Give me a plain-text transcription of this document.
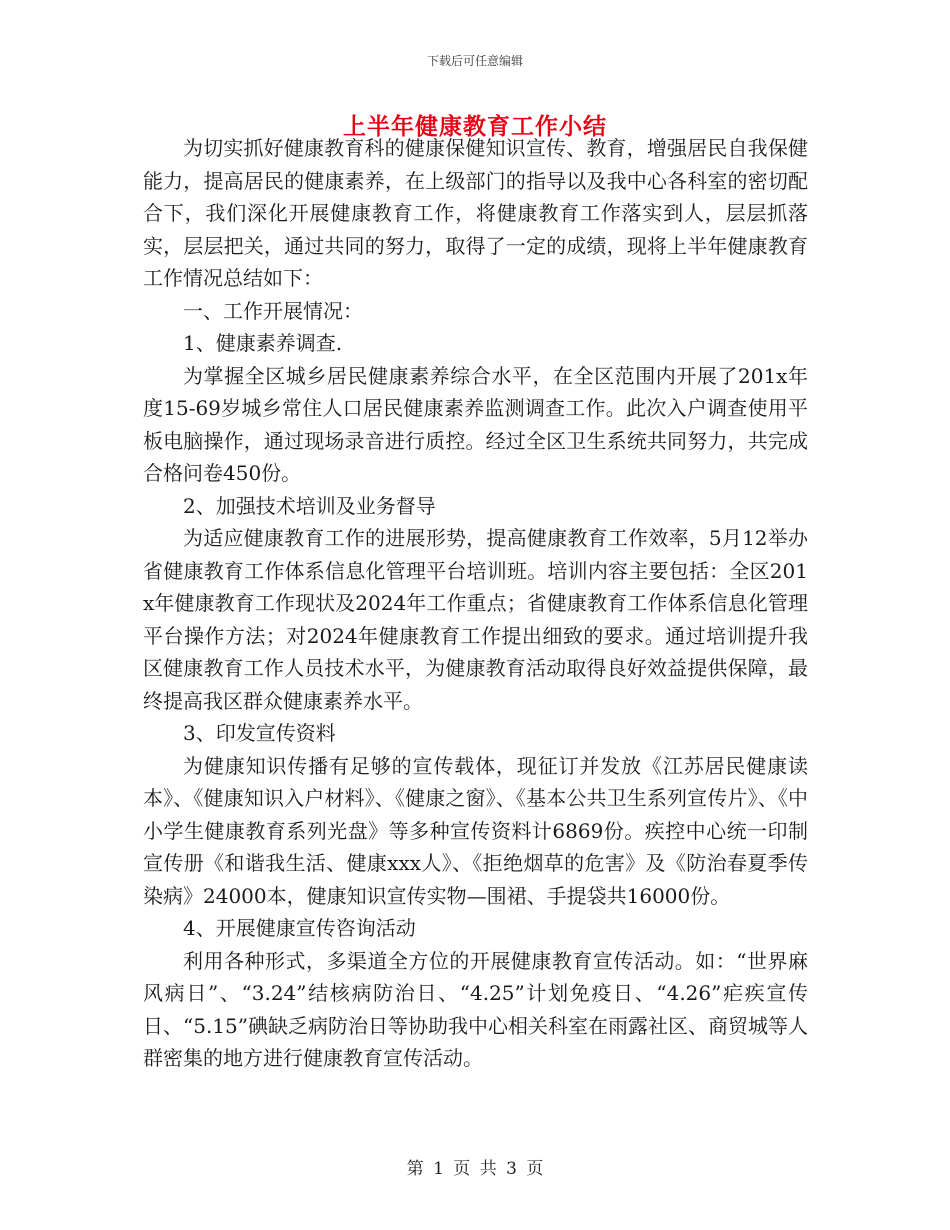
下载后可任意编辑
上半年健康教育工作小结

为切实抓好健康教育科的健康保健知识宣传、教育，增强居民自我保健能力，提高居民的健康素养，在上级部门的指导以及我中心各科室的密切配合下，我们深化开展健康教育工作，将健康教育工作落实到人，层层抓落实，层层把关，通过共同的努力，取得了一定的成绩，现将上半年健康教育工作情况总结如下：

一、工作开展情况：

1、健康素养调查.

为掌握全区城乡居民健康素养综合水平，在全区范围内开展了201x年度15-69岁城乡常住人口居民健康素养监测调查工作。此次入户调查使用平板电脑操作，通过现场录音进行质控。经过全区卫生系统共同努力，共完成合格问卷450份。

2、加强技术培训及业务督导

为适应健康教育工作的进展形势，提高健康教育工作效率，5月12举办省健康教育工作体系信息化管理平台培训班。培训内容主要包括：全区201x年健康教育工作现状及2024年工作重点；省健康教育工作体系信息化管理平台操作方法；对2024年健康教育工作提出细致的要求。通过培训提升我区健康教育工作人员技术水平，为健康教育活动取得良好效益提供保障，最终提高我区群众健康素养水平。

3、印发宣传资料

为健康知识传播有足够的宣传载体，现征订并发放《江苏居民健康读本》、《健康知识入户材料》、《健康之窗》、《基本公共卫生系列宣传片》、《中小学生健康教育系列光盘》等多种宣传资料计6869份。疾控中心统一印制宣传册《和谐我生活、健康xxx人》、《拒绝烟草的危害》及《防治春夏季传染病》24000本，健康知识宣传实物—围裙、手提袋共16000份。

4、开展健康宣传咨询活动

利用各种形式，多渠道全方位的开展健康教育宣传活动。如：“世界麻风病日”、“3.24”结核病防治日、“4.25”计划免疫日、“4.26”疟疾宣传日、“5.15”碘缺乏病防治日等协助我中心相关科室在雨露社区、商贸城等人群密集的地方进行健康教育宣传活动。

第 1 页 共 3 页
